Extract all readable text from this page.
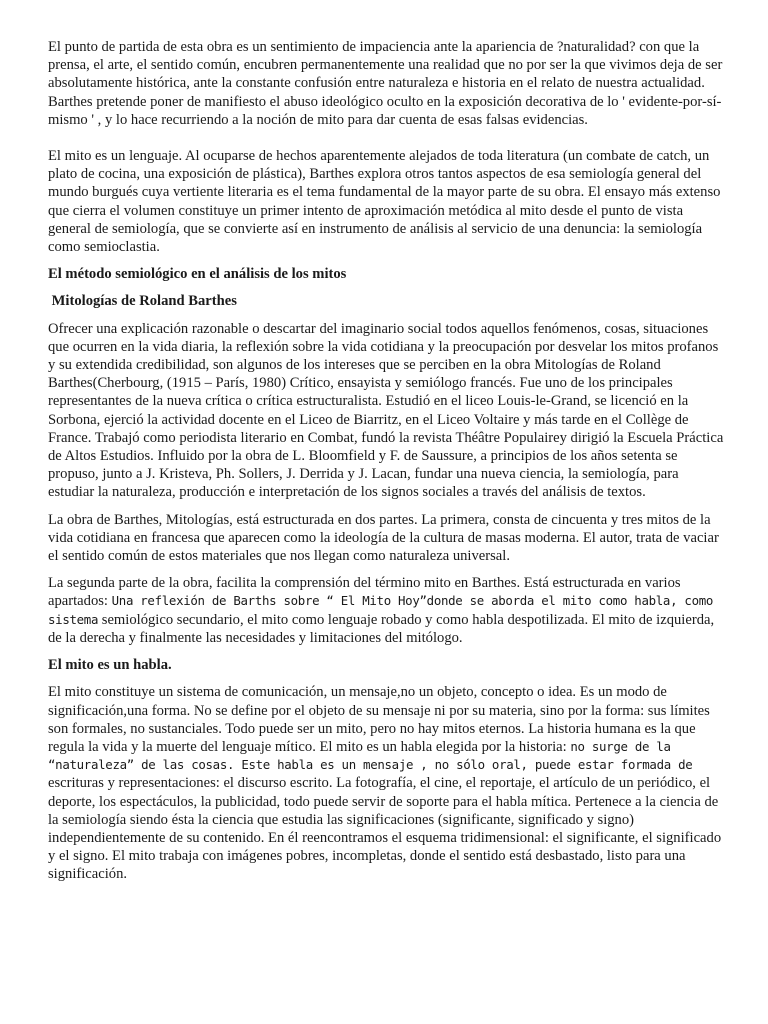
El punto de partida de esta obra es un sentimiento de impaciencia ante la apariencia de ?naturalidad? con que la prensa, el arte, el sentido común, encubren permanentemente una realidad que no por ser la que vivimos deja de ser absolutamente histórica, ante la constante confusión entre naturaleza e historia en el relato de nuestra actualidad. Barthes pretende poner de manifiesto el abuso ideológico oculto en la exposición decorativa de lo ' evidente-por-sí-mismo ' , y lo hace recurriendo a la noción de mito para dar cuenta de esas falsas evidencias.

El mito es un lenguaje. Al ocuparse de hechos aparentemente alejados de toda literatura (un combate de catch, un plato de cocina, una exposición de plástica), Barthes explora otros tantos aspectos de esa semiología general del mundo burgués cuya vertiente literaria es el tema fundamental de la mayor parte de su obra. El ensayo más extenso que cierra el volumen constituye un primer intento de aproximación metódica al mito desde el punto de vista general de semiología, que se convierte así en instrumento de análisis al servicio de una denuncia: la semiología como semioclastia.

El método semiológico en el análisis de los mitos

Mitologías de Roland Barthes

Ofrecer una explicación razonable o descartar del imaginario social todos aquellos fenómenos, cosas, situaciones que ocurren en la vida diaria, la reflexión sobre la vida cotidiana y la preocupación por desvelar los mitos profanos y su extendida credibilidad, son algunos de los intereses que se perciben en la obra Mitologías de Roland Barthes(Cherbourg, (1915 – París, 1980) Crítico, ensayista y semiólogo francés. Fue uno de los principales representantes de la nueva crítica o crítica estructuralista. Estudió en el liceo Louis-le-Grand, se licenció en la Sorbona, ejerció la actividad docente en el Liceo de Biarritz, en el Liceo Voltaire y más tarde en el Collège de France. Trabajó como periodista literario en Combat, fundó la revista Théâtre Populairey dirigió la Escuela Práctica de Altos Estudios. Influido por la obra de L. Bloomfield y F. de Saussure, a principios de los años setenta se propuso, junto a J. Kristeva, Ph. Sollers, J. Derrida y J. Lacan, fundar una nueva ciencia, la semiología, para estudiar la naturaleza, producción e interpretación de los signos sociales a través del análisis de textos.

La obra de Barthes, Mitologías, está estructurada en dos partes. La primera, consta de cincuenta y tres mitos de la vida cotidiana en francesa que aparecen como la ideología de la cultura de masas moderna. El autor, trata de vaciar el sentido común de estos materiales que nos llegan como naturaleza universal.

La segunda parte de la obra, facilita la comprensión del término mito en Barthes. Está estructurada en varios apartados: Una reflexión de Barths sobre “ El Mito Hoy”donde se aborda el mito como habla, como sistema semiológico secundario, el mito como lenguaje robado y como habla despotilizada. El mito de izquierda, de la derecha y finalmente las necesidades y limitaciones del mitólogo.

El mito es un habla.

El mito constituye un sistema de comunicación, un mensaje,no un objeto, concepto o idea. Es un modo de significación,una forma. No se define por el objeto de su mensaje ni por su materia, sino por la forma: sus límites son formales, no sustanciales. Todo puede ser un mito, pero no hay mitos eternos. La historia humana es la que regula la vida y la muerte del lenguaje mítico. El mito es un habla elegida por la historia: no surge de la “naturaleza” de las cosas. Este habla es un mensaje , no sólo oral, puede estar formada de escrituras y representaciones: el discurso escrito. La fotografía, el cine, el reportaje, el artículo de un periódico, el deporte, los espectáculos, la publicidad, todo puede servir de soporte para el habla mítica. Pertenece a la ciencia de la semiología siendo ésta la ciencia que estudia las significaciones (significante, significado y signo) independientemente de su contenido. En él reencontramos el esquema tridimensional: el significante, el significado y el signo. El mito trabaja con imágenes pobres, incompletas, donde el sentido está desbastado, listo para una significación.
